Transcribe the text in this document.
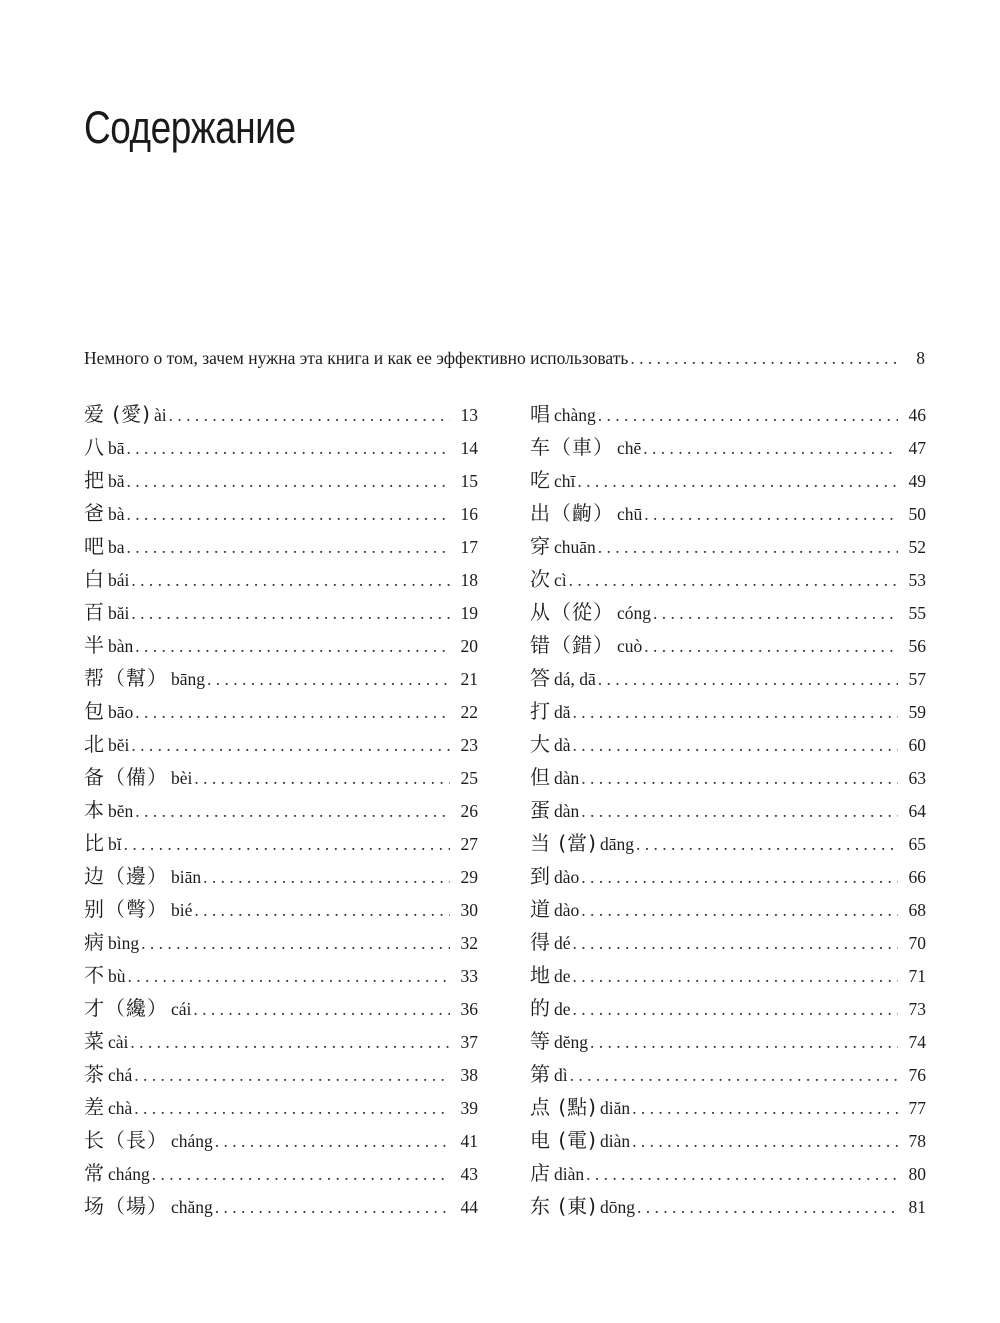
Содержание
Немного о том, зачем нужна эта книга и как ее эффективно использовать . . .	8
爱 (愛) ài . . .	13
八 bā . . .	14
把 bă . . .	15
爸 bà . . .	16
吧 ba . . .	17
白 bái . . .	18
百 băi . . .	19
半 bàn . . .	20
帮（幫） bāng . . .	21
包 bāo . . .	22
北 bĕi . . .	23
备（備） bèi . . .	25
本 bĕn . . .	26
比 bĭ . . .	27
边（邊） biān . . .	29
别（彆） bié . . .	30
病 bìng . . .	32
不 bù . . .	33
才（纔） cái . . .	36
菜 cài . . .	37
茶 chá . . .	38
差 chà . . .	39
长（長） cháng . . .	41
常 cháng . . .	43
场（場） chăng . . .	44
唱 chàng . . .	46
车（車） chē . . .	47
吃 chī . . .	49
出（齣） chū . . .	50
穿 chuān . . .	52
次 cì . . .	53
从（從） cóng . . .	55
错（錯） cuò . . .	56
答 dá, dā . . .	57
打 dă . . .	59
大 dà . . .	60
但 dàn . . .	63
蛋 dàn . . .	64
当 (當) dāng . . .	65
到 dào . . .	66
道 dào . . .	68
得 dé . . .	70
地 de . . .	71
的 de . . .	73
等 dĕng . . .	74
第 dì . . .	76
点 (點) diăn . . .	77
电 (電) diàn . . .	78
店 diàn . . .	80
东 (東) dōng . . .	81
